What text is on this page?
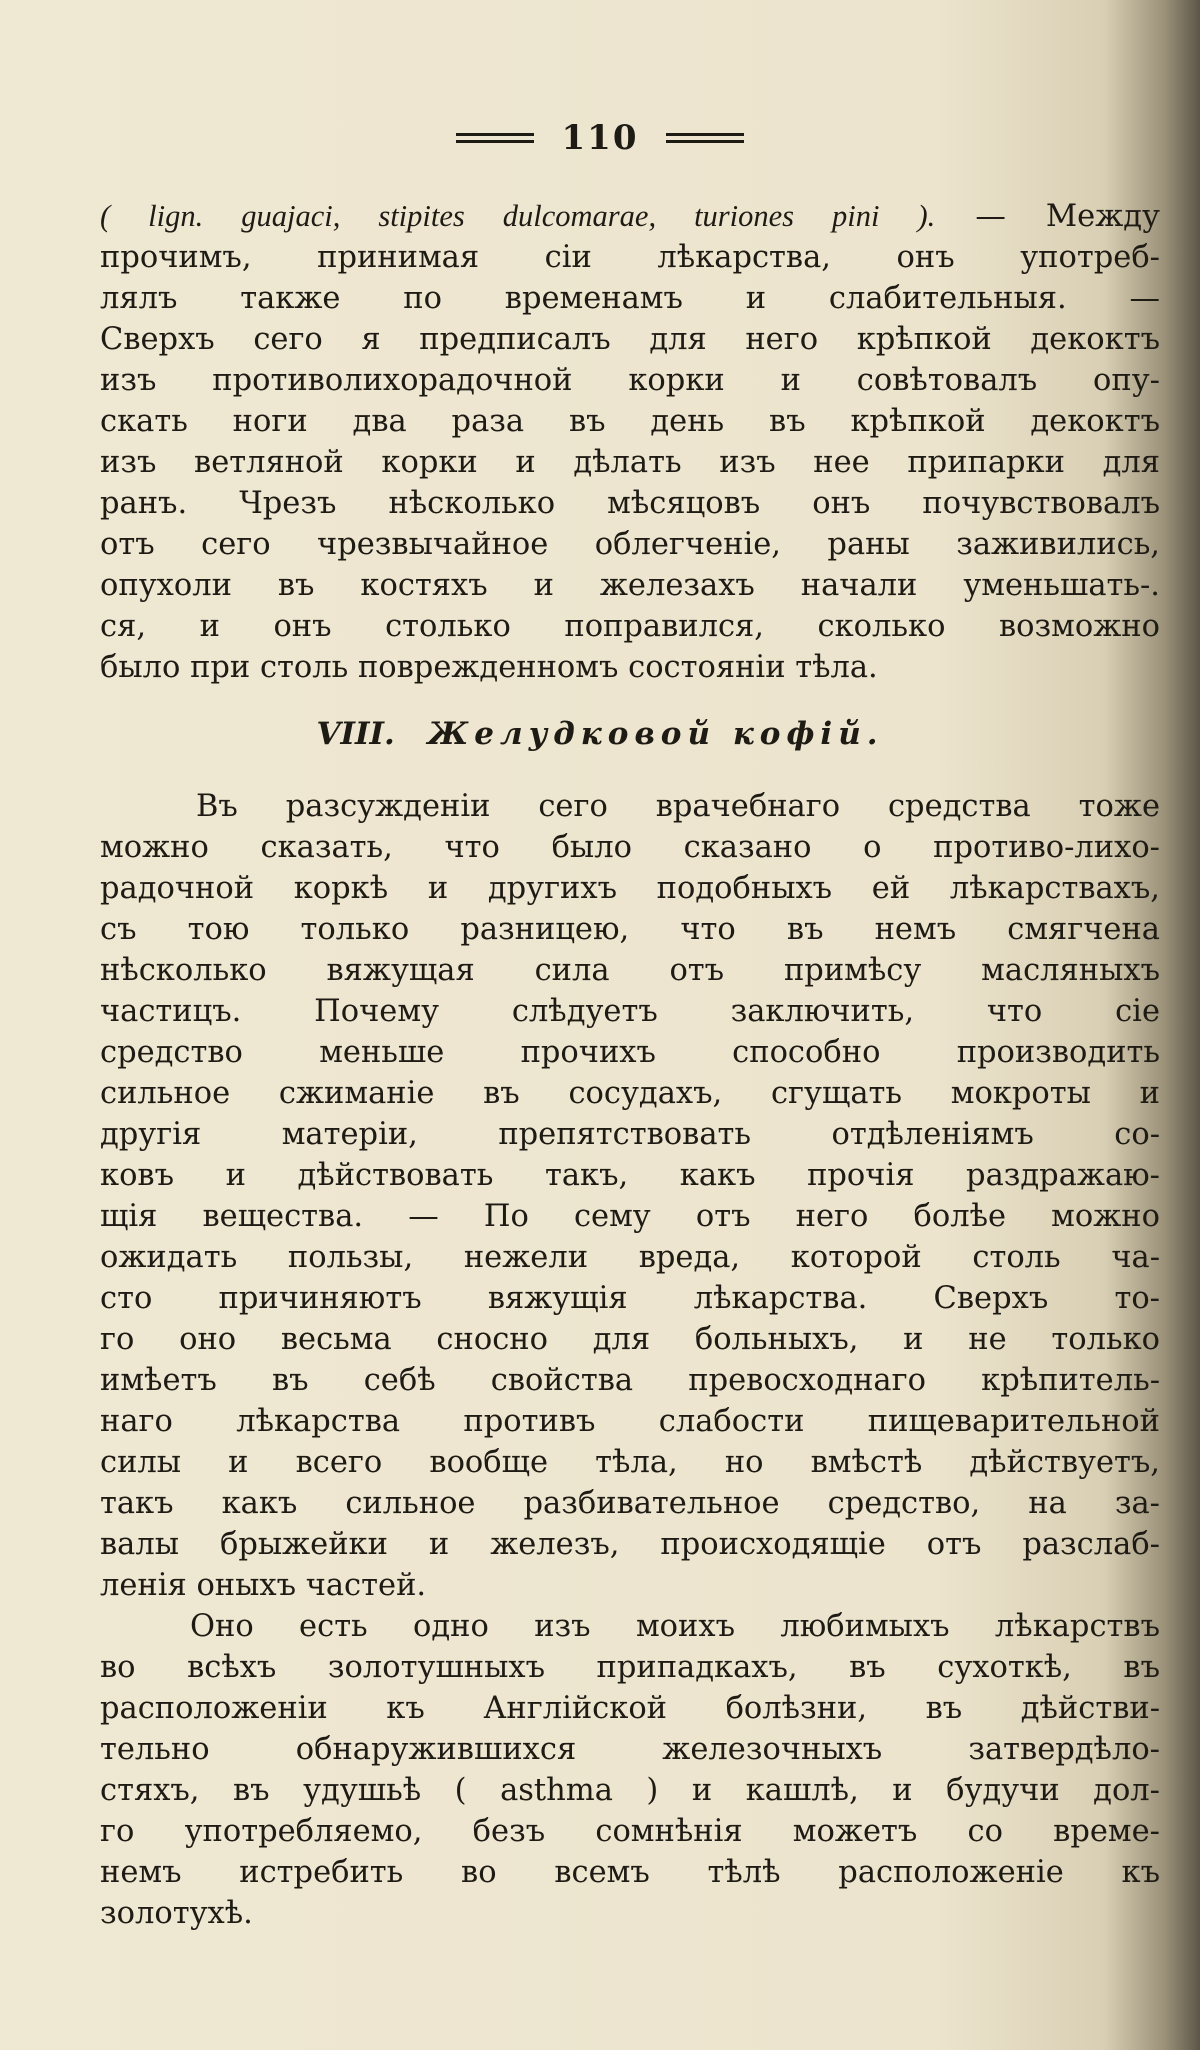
110
( lign. guajaci, stipites dulcomarae, turiones pini ). — Между
прочимъ, принимая сіи лѣкарства, онъ употреб-
лялъ также по временамъ и слабительныя. —
Сверхъ сего я предписалъ для него крѣпкой декоктъ
изъ противолихорадочной корки и совѣтовалъ опу-
скать ноги два раза въ день въ крѣпкой декоктъ
изъ ветляной корки и дѣлать изъ нее припарки для
ранъ. Чрезъ нѣсколько мѣсяцовъ онъ почувствовалъ
отъ сего чрезвычайное облегченіе, раны заживились,
опухоли въ костяхъ и железахъ начали уменьшать-.
ся, и онъ столько поправился, сколько возможно
было при столь поврежденномъ состояніи тѣла.
VIII. Желудковой кофій.
Въ разсужденіи сего врачебнаго средства тоже
можно сказать, что было сказано о противо-лихо-
радочной коркѣ и другихъ подобныхъ ей лѣкарствахъ,
съ тою только разницею, что въ немъ смягчена
нѣсколько вяжущая сила отъ примѣсу масляныхъ
частицъ. Почему слѣдуетъ заключить, что сіе
средство меньше прочихъ способно производить
сильное сжиманіе въ сосудахъ, сгущать мокроты и
другія матеріи, препятствовать отдѣленіямъ со-
ковъ и дѣйствовать такъ, какъ прочія раздражаю-
щія вещества. — По сему отъ него болѣе можно
ожидать пользы, нежели вреда, которой столь ча-
сто причиняютъ вяжущія лѣкарства. Сверхъ то-
го оно весьма сносно для больныхъ, и не только
имѣетъ въ себѣ свойства превосходнаго крѣпитель-
наго лѣкарства противъ слабости пищеварительной
силы и всего вообще тѣла, но вмѣстѣ дѣйствуетъ,
такъ какъ сильное разбивательное средство, на за-
валы брыжейки и железъ, происходящіе отъ разслаб-
ленія оныхъ частей.
Оно есть одно изъ моихъ любимыхъ лѣкарствъ
во всѣхъ золотушныхъ припадкахъ, въ сухоткѣ, въ
расположеніи къ Англійской болѣзни, въ дѣйстви-
тельно обнаружившихся железочныхъ затвердѣло-
стяхъ, въ удушьѣ ( asthma ) и кашлѣ, и будучи дол-
го употребляемо, безъ сомнѣнія можетъ со време-
немъ истребить во всемъ тѣлѣ расположеніе къ
золотухѣ.
